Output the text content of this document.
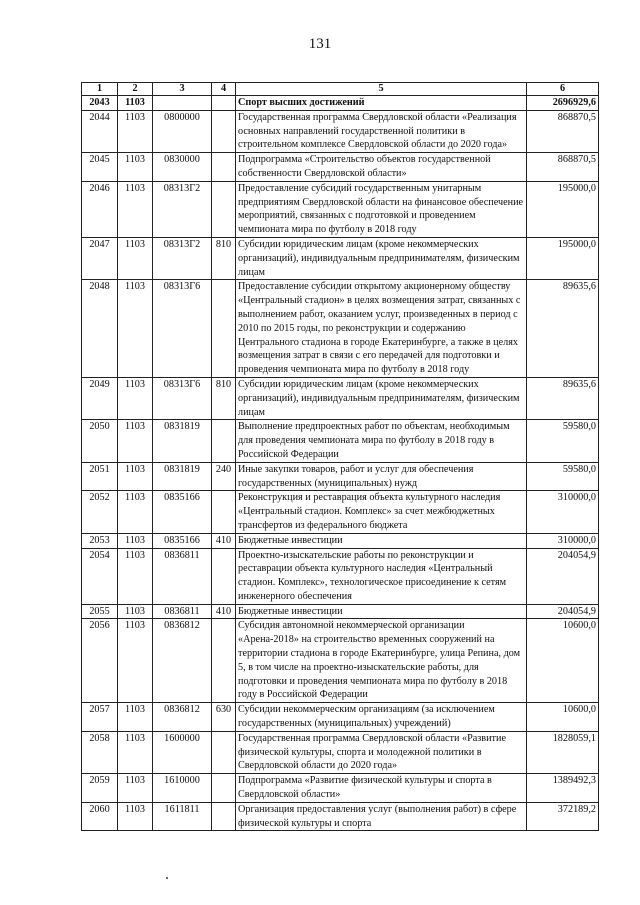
131
1	2	3	4	5	6
2043	1103			Спорт высших достижений	2696929,6
2044	1103	0800000		Государственная программа Свердловской области «Реализация основных направлений государственной политики в строительном комплексе Свердловской области до 2020 года»	868870,5
2045	1103	0830000		Подпрограмма «Строительство объектов государственной собственности Свердловской области»	868870,5
2046	1103	08313Г2		Предоставление субсидий государственным унитарным предприятиям Свердловской области на финансовое обеспечение мероприятий, связанных с подготовкой и проведением чемпионата мира по футболу в 2018 году	195000,0
2047	1103	08313Г2	810	Субсидии юридическим лицам (кроме некоммерческих организаций), индивидуальным предпринимателям, физическим лицам	195000,0
2048	1103	08313Г6		Предоставление субсидии открытому акционерному обществу «Центральный стадион» в целях возмещения затрат, связанных с выполнением работ, оказанием услуг, произведенных в период с 2010 по 2015 годы, по реконструкции и содержанию Центрального стадиона в городе Екатеринбурге, а также в целях возмещения затрат в связи с его передачей для подготовки и проведения чемпионата мира по футболу в 2018 году	89635,6
2049	1103	08313Г6	810	Субсидии юридическим лицам (кроме некоммерческих организаций), индивидуальным предпринимателям, физическим лицам	89635,6
2050	1103	0831819		Выполнение предпроектных работ по объектам, необходимым для проведения чемпионата мира по футболу в 2018 году в Российской Федерации	59580,0
2051	1103	0831819	240	Иные закупки товаров, работ и услуг для обеспечения государственных (муниципальных) нужд	59580,0
2052	1103	0835166		Реконструкция и реставрация объекта культурного наследия «Центральный стадион. Комплекс» за счет межбюджетных трансфертов из федерального бюджета	310000,0
2053	1103	0835166	410	Бюджетные инвестиции	310000,0
2054	1103	0836811		Проектно-изыскательские работы по реконструкции и реставрации объекта культурного наследия «Центральный стадион. Комплекс», технологическое присоединение к сетям инженерного обеспечения	204054,9
2055	1103	0836811	410	Бюджетные инвестиции	204054,9
2056	1103	0836812		Субсидия автономной некоммерческой организации «Арена-2018» на строительство временных сооружений на территории стадиона в городе Екатеринбурге, улица Репина, дом 5, в том числе на проектно-изыскательские работы, для подготовки и проведения чемпионата мира по футболу в 2018 году в Российской Федерации	10600,0
2057	1103	0836812	630	Субсидии некоммерческим организациям (за исключением государственных (муниципальных) учреждений)	10600,0
2058	1103	1600000		Государственная программа Свердловской области «Развитие физической культуры, спорта и молодежной политики в Свердловской области до 2020 года»	1828059,1
2059	1103	1610000		Подпрограмма «Развитие физической культуры и спорта в Свердловской области»	1389492,3
2060	1103	1611811		Организация предоставления услуг (выполнения работ) в сфере физической культуры и спорта	372189,2
